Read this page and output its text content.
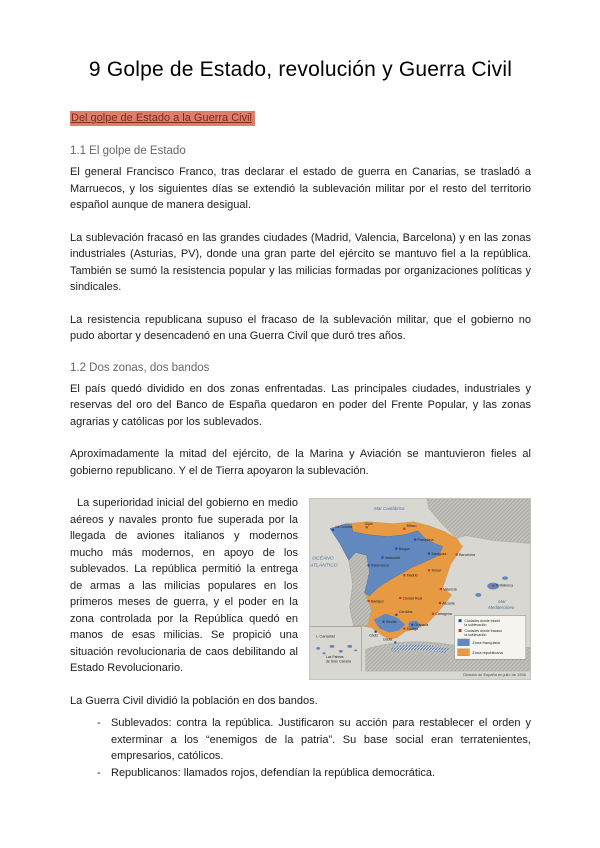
9 Golpe de Estado, revolución y Guerra Civil
Del golpe de Estado a la Guerra Civil
1.1 El golpe de Estado

El general Francisco Franco, tras declarar el estado de guerra en Canarias, se trasladó a Marruecos, y los siguientes días se extendió la sublevación militar por el resto del territorio español aunque de manera desigual.

La sublevación fracasó en las grandes ciudades (Madrid, Valencia, Barcelona) y en las zonas industriales (Asturias, PV), donde una gran parte del ejército se mantuvo fiel a la república. También se sumó la resistencia popular y las milicias formadas por organizaciones políticas y sindicales.

La resistencia republicana supuso el fracaso de la sublevación militar, que el gobierno no pudo abortar y desencadenó en una Guerra Civil que duró tres años.

1.2 Dos zonas, dos bandos

El país quedó dividido en dos zonas enfrentadas. Las principales ciudades, industriales y reservas del oro del Banco de España quedaron en poder del Frente Popular, y las zonas agrarias y católicas por los sublevados.

Aproximadamente la mitad del ejército, de la Marina y Aviación se mantuvieron fieles al gobierno republicano. Y el de Tierra apoyaron la sublevación.

I. Canarias
Las Palmas
de Gran Canaria
Mar Cantábrico
OCÉANO
ATLÁNTICO
Mar
Mediterráneo
Ceuta
La Coruña
Burgos
Valladolid
Salamanca
Pamplona
Zaragoza
Sevilla
Cádiz
Córdoba
Granada
Gijón	Bilbao
Madrid
Badajoz
Ciudad Real
Teruel
Valencia
Alicante
Cartagena
Málaga
Barcelona
P. Mallorca
Ciudades donde triunfó
la sublevación
Ciudades donde fracasó
la sublevación
Zona franquista
Zona republicana
División de España en julio de 1936

La superioridad inicial del gobierno en medio aéreos y navales pronto fue superada por la llegada de aviones italianos y modernos mucho más modernos, en apoyo de los sublevados. La república permitió la entrega de armas a las milicias populares en los primeros meses de guerra, y el poder en la zona controlada por la República quedó en manos de esas milicias. Se propició una situación revolucionaria de caos debilitando al Estado Revolucionario.

La Guerra Civil dividió la población en dos bandos.

- Sublevados: contra la república. Justificaron su acción para restablecer el orden y exterminar a los “enemigos de la patria”. Su base social eran terratenientes, empresarios, católicos.
- Republicanos: llamados rojos, defendían la república democrática.
